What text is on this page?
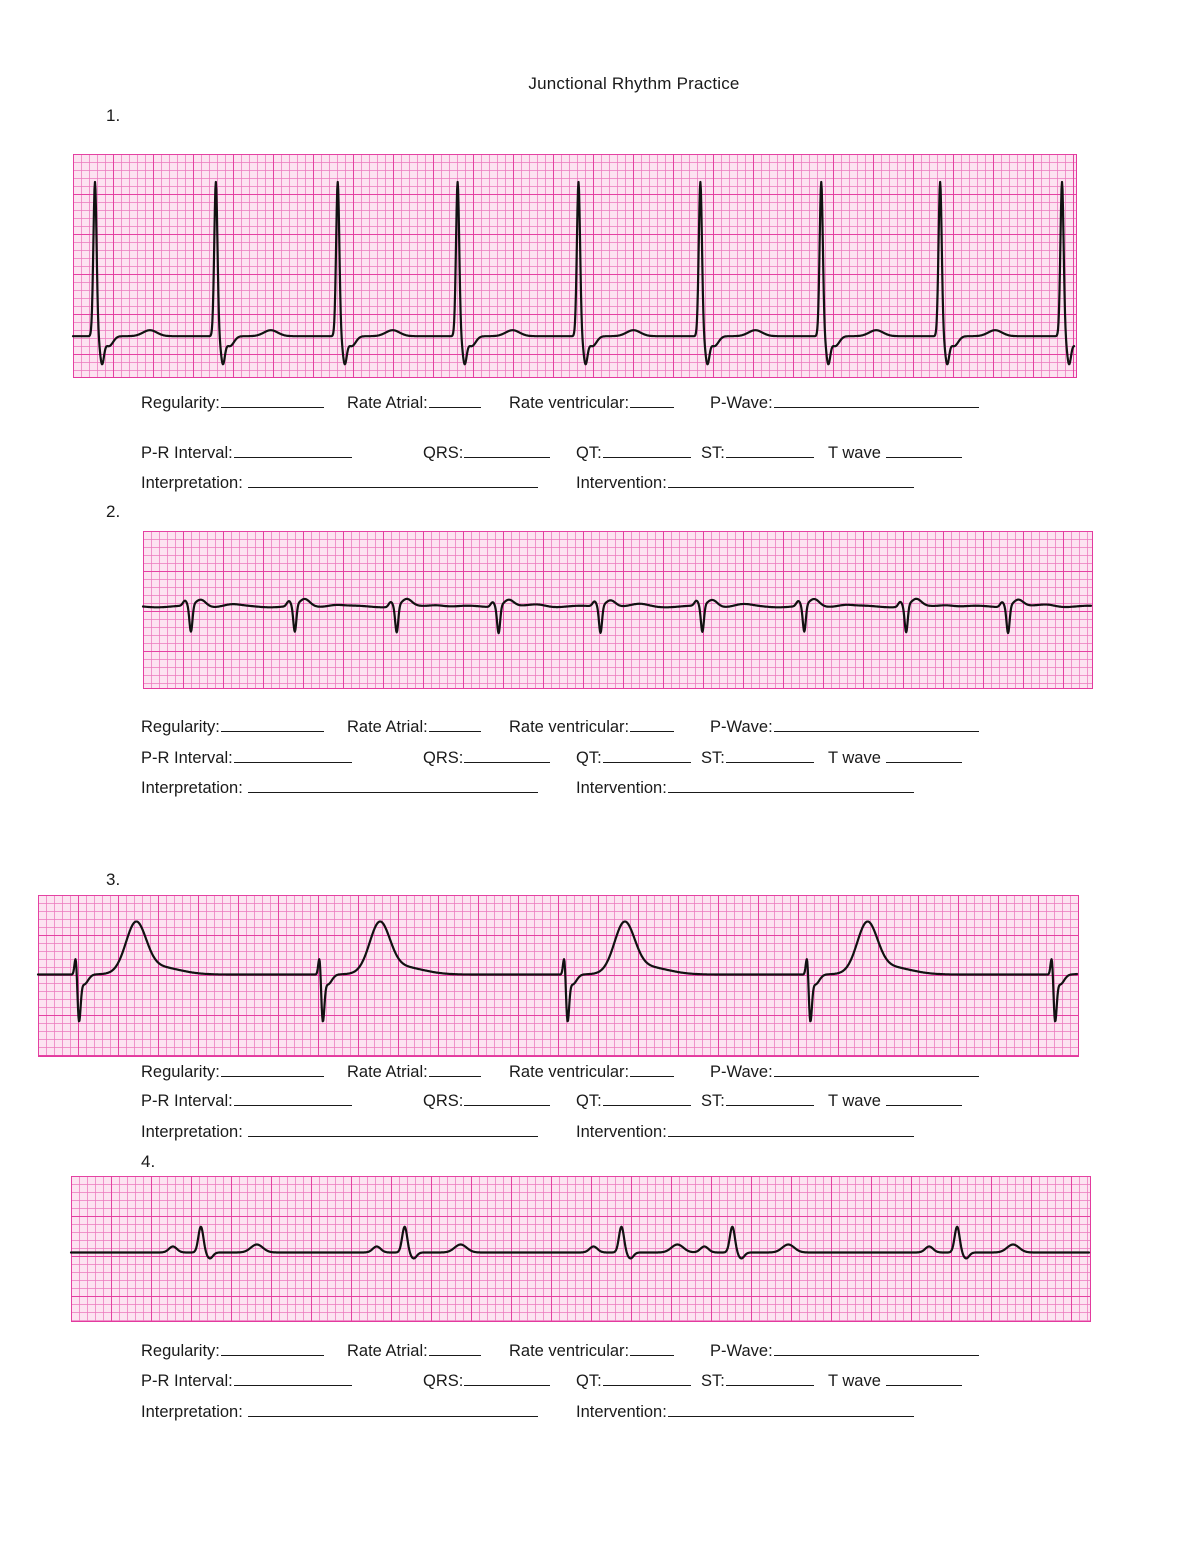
Junctional Rhythm Practice
1.
Regularity:	Rate Atrial:	Rate ventricular:	P-Wave:
P-R Interval:	QRS:	QT:	ST:	T wave
Interpretation:	Intervention:
2.
Regularity:	Rate Atrial:	Rate ventricular:	P-Wave:
P-R Interval:	QRS:	QT:	ST:	T wave
Interpretation:	Intervention:
3.
Regularity:	Rate Atrial:	Rate ventricular:	P-Wave:
P-R Interval:	QRS:	QT:	ST:	T wave
Interpretation:	Intervention:
4.
Regularity:	Rate Atrial:	Rate ventricular:	P-Wave:
P-R Interval:	QRS:	QT:	ST:	T wave
Interpretation:	Intervention:
